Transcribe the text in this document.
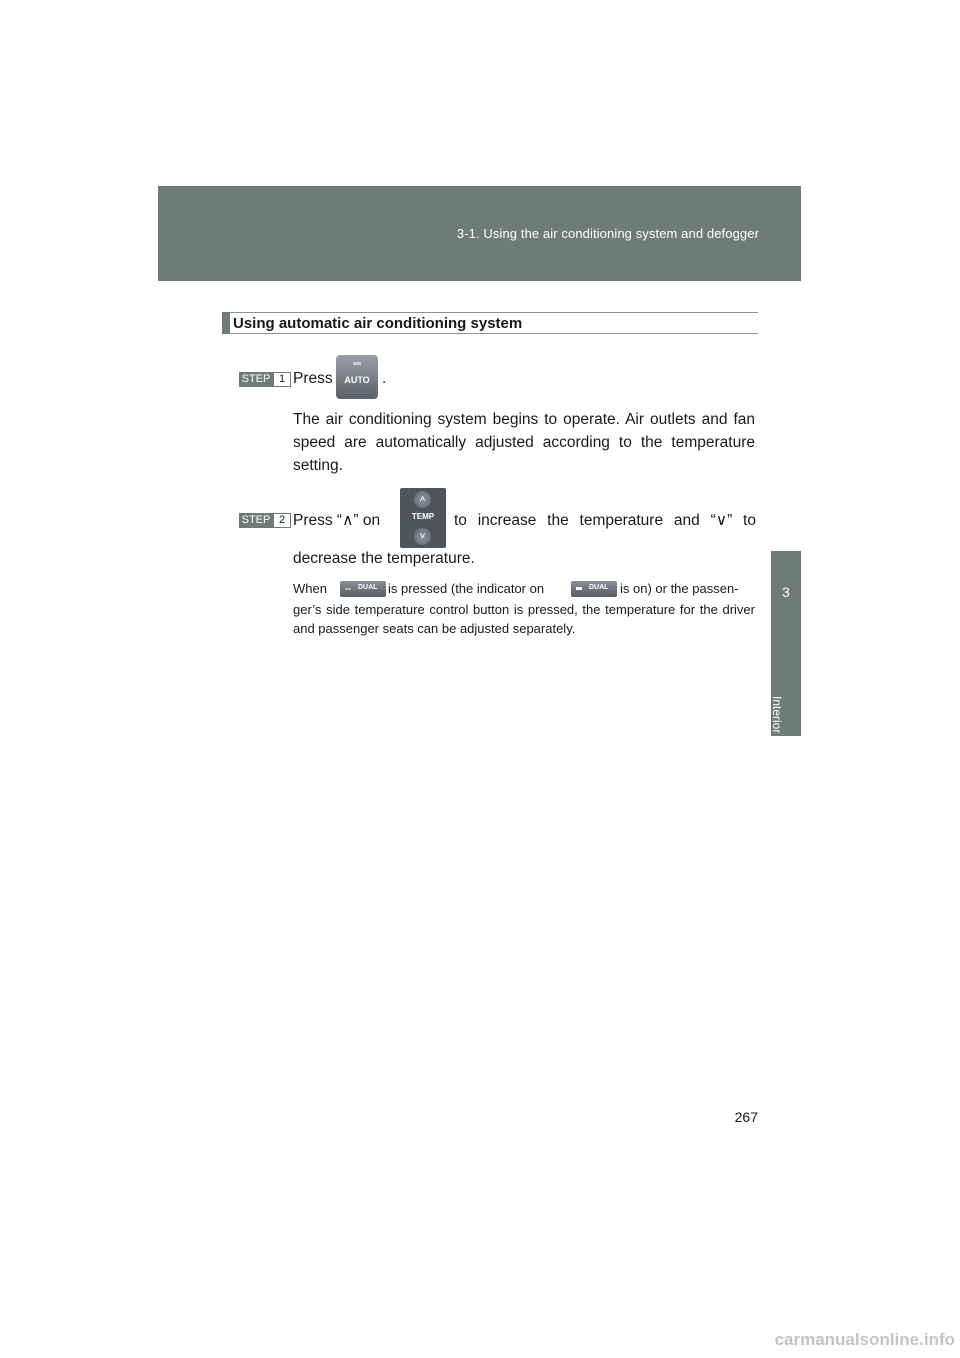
3-1. Using the air conditioning system and defogger
3
Interior features
Using automatic air conditioning system
STEP 1 Press	AUTO .
The air conditioning system begins to operate. Air outlets and fan speed are automatically adjusted according to the temperature setting.
STEP 2 Press “∧” on
˄
TEMP
˅
to increase the temperature and “∨” to
decrease the temperature.
When	DUAL is pressed (the indicator on	DUAL is on) or the passen-
ger’s side temperature control button is pressed, the temperature for the driver and passenger seats can be adjusted separately.
267
carmanualsonline.info
